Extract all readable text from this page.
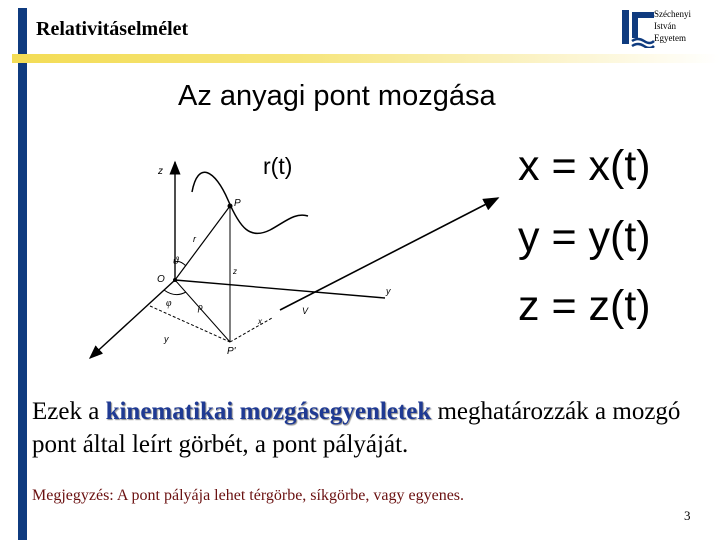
Relativitáselmélet
Széchenyi
István
Egyetem
Az anyagi pont mozgása
r(t)
z
x
O
P
P'
r
ϑ
ρ
φ
z
y
x
V
y
x = x(t)
y = y(t)
z = z(t)
Ezek a kinematikai mozgásegyenletek meghatározzák a mozgó pont által leírt görbét, a pont pályáját.
Megjegyzés: A pont pályája lehet térgörbe, síkgörbe, vagy egyenes.
3
